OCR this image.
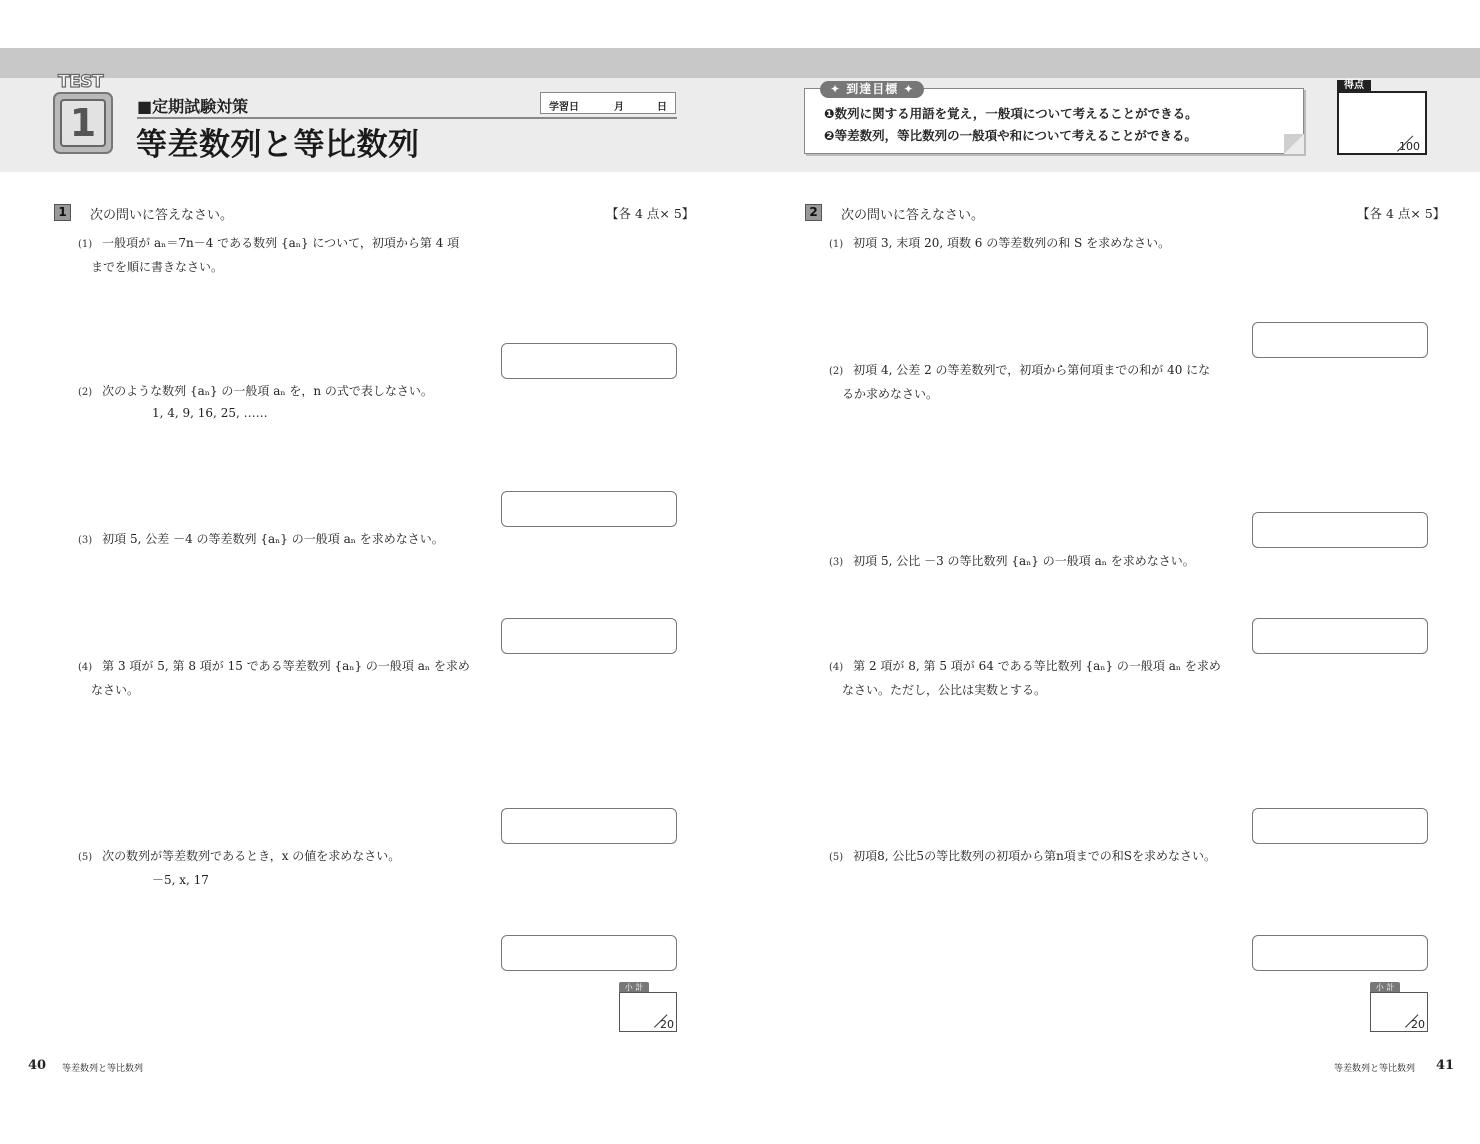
TEST
1	■定期試験対策
等差数列と等比数列
学習日	月	日
✦ 到達目標 ✦
❶数列に関する用語を覚え，一般項について考えることができる。
❷等差数列，等比数列の一般項や和について考えることができる。
得点
100
1	次の問いに答えなさい。	【各 4 点× 5】
(1) 一般項が aₙ＝7n－4 である数列 {aₙ} について，初項から第 4 項
までを順に書きなさい。
(2) 次のような数列 {aₙ} の一般項 aₙ を，n の式で表しなさい。
1, 4, 9, 16, 25, ……
(3) 初項 5, 公差 －4 の等差数列 {aₙ} の一般項 aₙ を求めなさい。
(4) 第 3 項が 5, 第 8 項が 15 である等差数列 {aₙ} の一般項 aₙ を求め
なさい。
(5) 次の数列が等差数列であるとき，x の値を求めなさい。
－5, x, 17
小 計
20
2	次の問いに答えなさい。	【各 4 点× 5】
(1) 初項 3, 末項 20, 項数 6 の等差数列の和 S を求めなさい。
(2) 初項 4, 公差 2 の等差数列で，初項から第何項までの和が 40 にな
るか求めなさい。
(3) 初項 5, 公比 －3 の等比数列 {aₙ} の一般項 aₙ を求めなさい。
(4) 第 2 項が 8, 第 5 項が 64 である等比数列 {aₙ} の一般項 aₙ を求め
なさい。ただし，公比は実数とする。
(5) 初項8, 公比5の等比数列の初項から第n項までの和Sを求めなさい。
小 計
20
40 等差数列と等比数列	等差数列と等比数列 41
